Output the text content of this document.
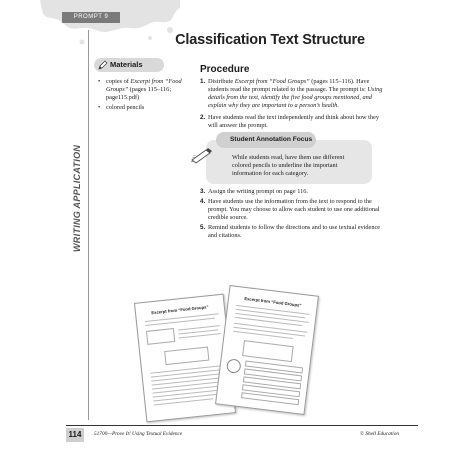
PROMPT 9
WRITING APPLICATION
Classification Text Structure
Materials
• copies of Excerpt from “Food Groups” (pages 115–116; page115.pdf)
• colored pencils
Procedure
1. Distribute Excerpt from “Food Groups” (pages 115–116). Have students read the prompt related to the passage. The prompt is: Using details from the text, identify the five food groups mentioned, and explain why they are important to a person’s health.
2. Have students read the text independently and think about how they will answer the prompt.
Student Annotation Focus
While students read, have them use different colored pencils to underline the important information for each category.
3. Assign the writing prompt on page 116.
4. Have students use the information from the text to respond to the prompt. You may choose to allow each student to use one additional credible source.
5. Remind students to follow the directions and to use textual evidence and citations.
Excerpt from “Food Groups”
Excerpt from “Food Groups”
114	51700—Prove It! Using Textual Evidence	© Shell Education
